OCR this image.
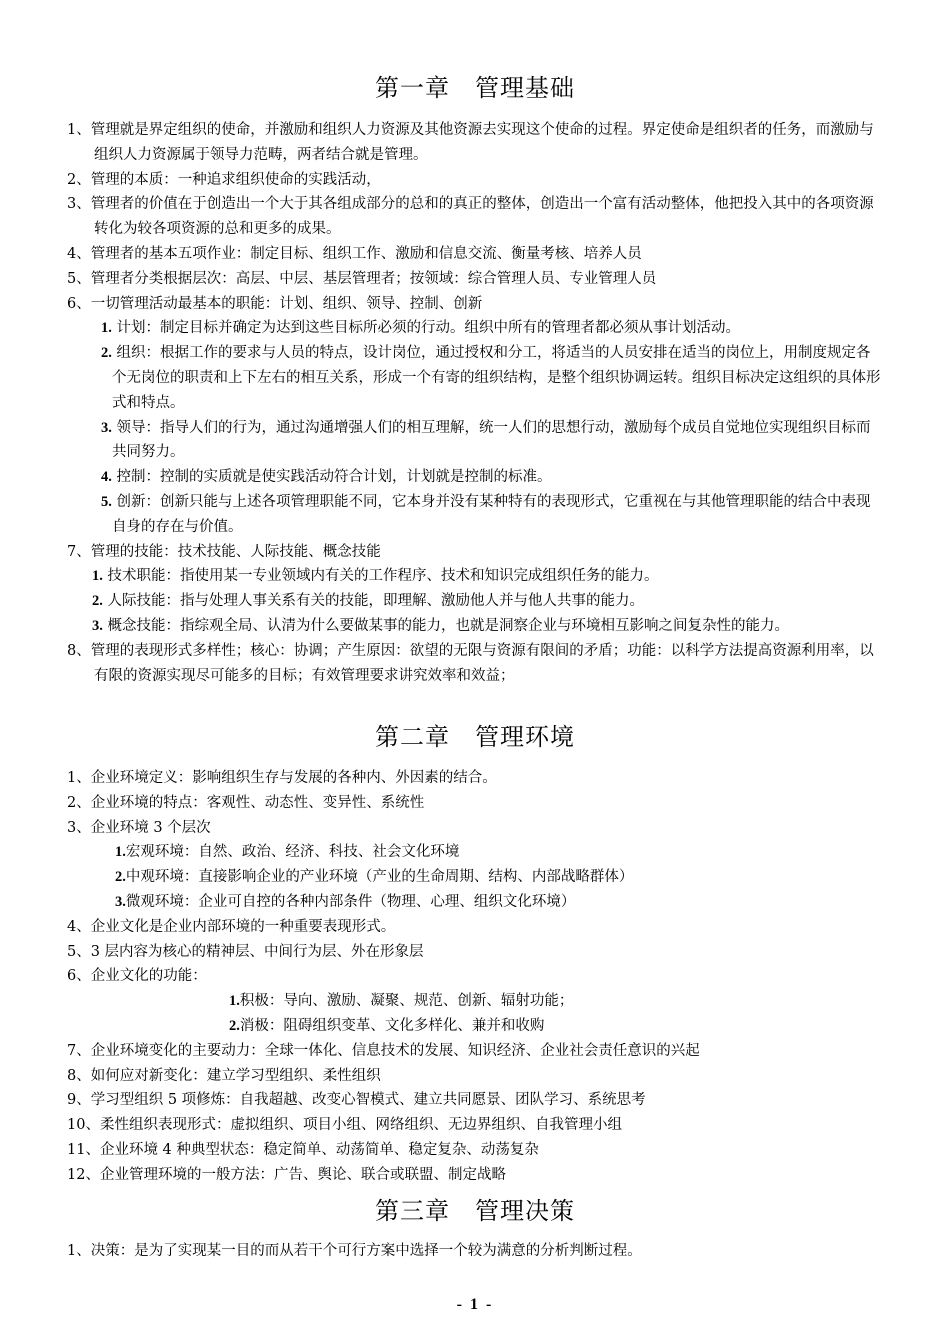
第一章　管理基础
1、管理就是界定组织的使命，并激励和组织人力资源及其他资源去实现这个使命的过程。界定使命是组织者的任务，而激励与组织人力资源属于领导力范畴，两者结合就是管理。
2、管理的本质：一种追求组织使命的实践活动，
3、管理者的价值在于创造出一个大于其各组成部分的总和的真正的整体，创造出一个富有活动整体，他把投入其中的各项资源转化为较各项资源的总和更多的成果。
4、管理者的基本五项作业：制定目标、组织工作、激励和信息交流、衡量考核、培养人员
5、管理者分类根据层次：高层、中层、基层管理者；按领域：综合管理人员、专业管理人员
6、一切管理活动最基本的职能：计划、组织、领导、控制、创新
1. 计划：制定目标并确定为达到这些目标所必须的行动。组织中所有的管理者都必须从事计划活动。
2. 组织：根据工作的要求与人员的特点，设计岗位，通过授权和分工，将适当的人员安排在适当的岗位上，用制度规定各个无岗位的职责和上下左右的相互关系，形成一个有寄的组织结构，是整个组织协调运转。组织目标决定这组织的具体形式和特点。
3. 领导：指导人们的行为，通过沟通增强人们的相互理解，统一人们的思想行动，激励每个成员自觉地位实现组织目标而共同努力。
4. 控制：控制的实质就是使实践活动符合计划，计划就是控制的标准。
5. 创新：创新只能与上述各项管理职能不同，它本身并没有某种特有的表现形式，它重视在与其他管理职能的结合中表现自身的存在与价值。
7、管理的技能：技术技能、人际技能、概念技能
1. 技术职能：指使用某一专业领域内有关的工作程序、技术和知识完成组织任务的能力。
2. 人际技能：指与处理人事关系有关的技能，即理解、激励他人并与他人共事的能力。
3. 概念技能：指综观全局、认清为什么要做某事的能力，也就是洞察企业与环境相互影响之间复杂性的能力。
8、管理的表现形式多样性；核心：协调；产生原因：欲望的无限与资源有限间的矛盾；功能：以科学方法提高资源利用率，以有限的资源实现尽可能多的目标；有效管理要求讲究效率和效益；
第二章　管理环境
1、企业环境定义：影响组织生存与发展的各种内、外因素的结合。
2、企业环境的特点：客观性、动态性、变异性、系统性
3、企业环境 3 个层次
1.宏观环境：自然、政治、经济、科技、社会文化环境
2.中观环境：直接影响企业的产业环境（产业的生命周期、结构、内部战略群体）
3.微观环境：企业可自控的各种内部条件（物理、心理、组织文化环境）
4、企业文化是企业内部环境的一种重要表现形式。
5、3 层内容为核心的精神层、中间行为层、外在形象层
6、企业文化的功能：
1.积极：导向、激励、凝聚、规范、创新、辐射功能；
2.消极：阻碍组织变革、文化多样化、兼并和收购
7、企业环境变化的主要动力：全球一体化、信息技术的发展、知识经济、企业社会责任意识的兴起
8、如何应对新变化：建立学习型组织、柔性组织
9、学习型组织 5 项修炼：自我超越、改变心智模式、建立共同愿景、团队学习、系统思考
10、柔性组织表现形式：虚拟组织、项目小组、网络组织、无边界组织、自我管理小组
11、企业环境 4 种典型状态：稳定简单、动荡简单、稳定复杂、动荡复杂
12、企业管理环境的一般方法：广告、舆论、联合或联盟、制定战略
第三章　管理决策
1、决策：是为了实现某一目的而从若干个可行方案中选择一个较为满意的分析判断过程。
- 1 -
